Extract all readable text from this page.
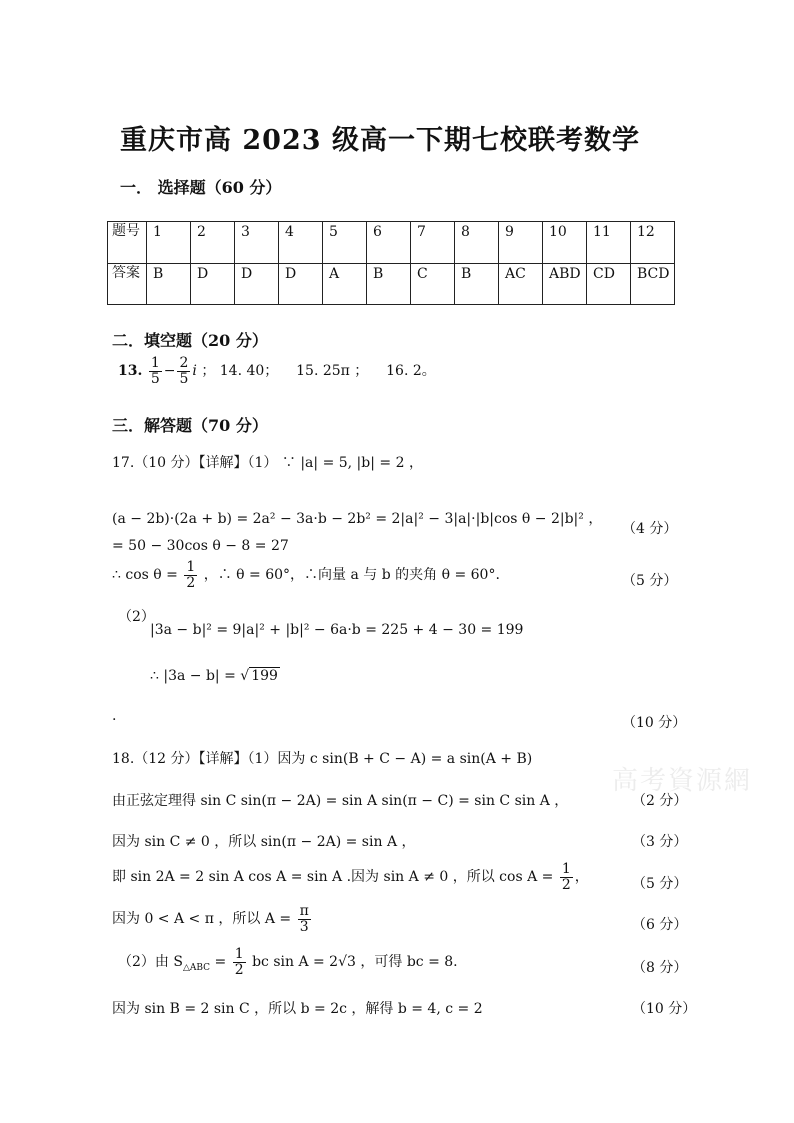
重庆市高 2023 级高一下期七校联考数学
一． 选择题（60 分）
题号	1	2	3	4	5	6	7	8	9	10	11	12
答案	B	D	D	D	A	B	C	B	AC	ABD	CD	BCD
二．填空题（20 分）
13. $\frac{1}{5} - \frac{2}{5}$ i ； 14. 40； 15. 25π ； 16. 2。
三．解答题（70 分）
17.（10 分）【详解】（1） ∵ |a| = 5, |b| = 2 ，
(a − 2b)·(2a + b) = 2a² − 3a·b − 2b² = 2|a|² − 3|a|·|b|cos θ − 2|b|² ，
（4 分）
= 50 − 30cos θ − 8 = 27
∴ $\cos \theta = \frac{1}{2}$ ，∴ θ = 60°，∴向量 a 与 b 的夹角 θ = 60°.	（5 分）
（2）
|3a − b|² = 9|a|² + |b|² − 6a·b = 225 + 4 − 30 = 199
∴ |3a − b| = √ 199
.	（10 分）
18.（12 分）【详解】（1）因为 c sin(B + C − A) = a sin(A + B)
由正弦定理得 sin C sin(π − 2A) = sin A sin(π − C) = sin C sin A ，	（2 分）
因为 sin C ≠ 0 ，所以 sin(π − 2A) = sin A ，	（3 分）
即 sin 2A = 2 sin A cos A = sin A .因为 sin A ≠ 0 ，所以 $\cos A = \frac{1}{2}$ ，	（5 分）
因为 0 < A < π ，所以 $A = \frac{\pi}{3}$	（6 分）
（2）由 $S_{\triangle ABC} = \frac{1}{2}$ bc sin A = 2√3 ，可得 bc = 8.	（8 分）
因为 sin B = 2 sin C ，所以 b = 2c ，解得 b = 4, c = 2	（10 分）
高考資源網
